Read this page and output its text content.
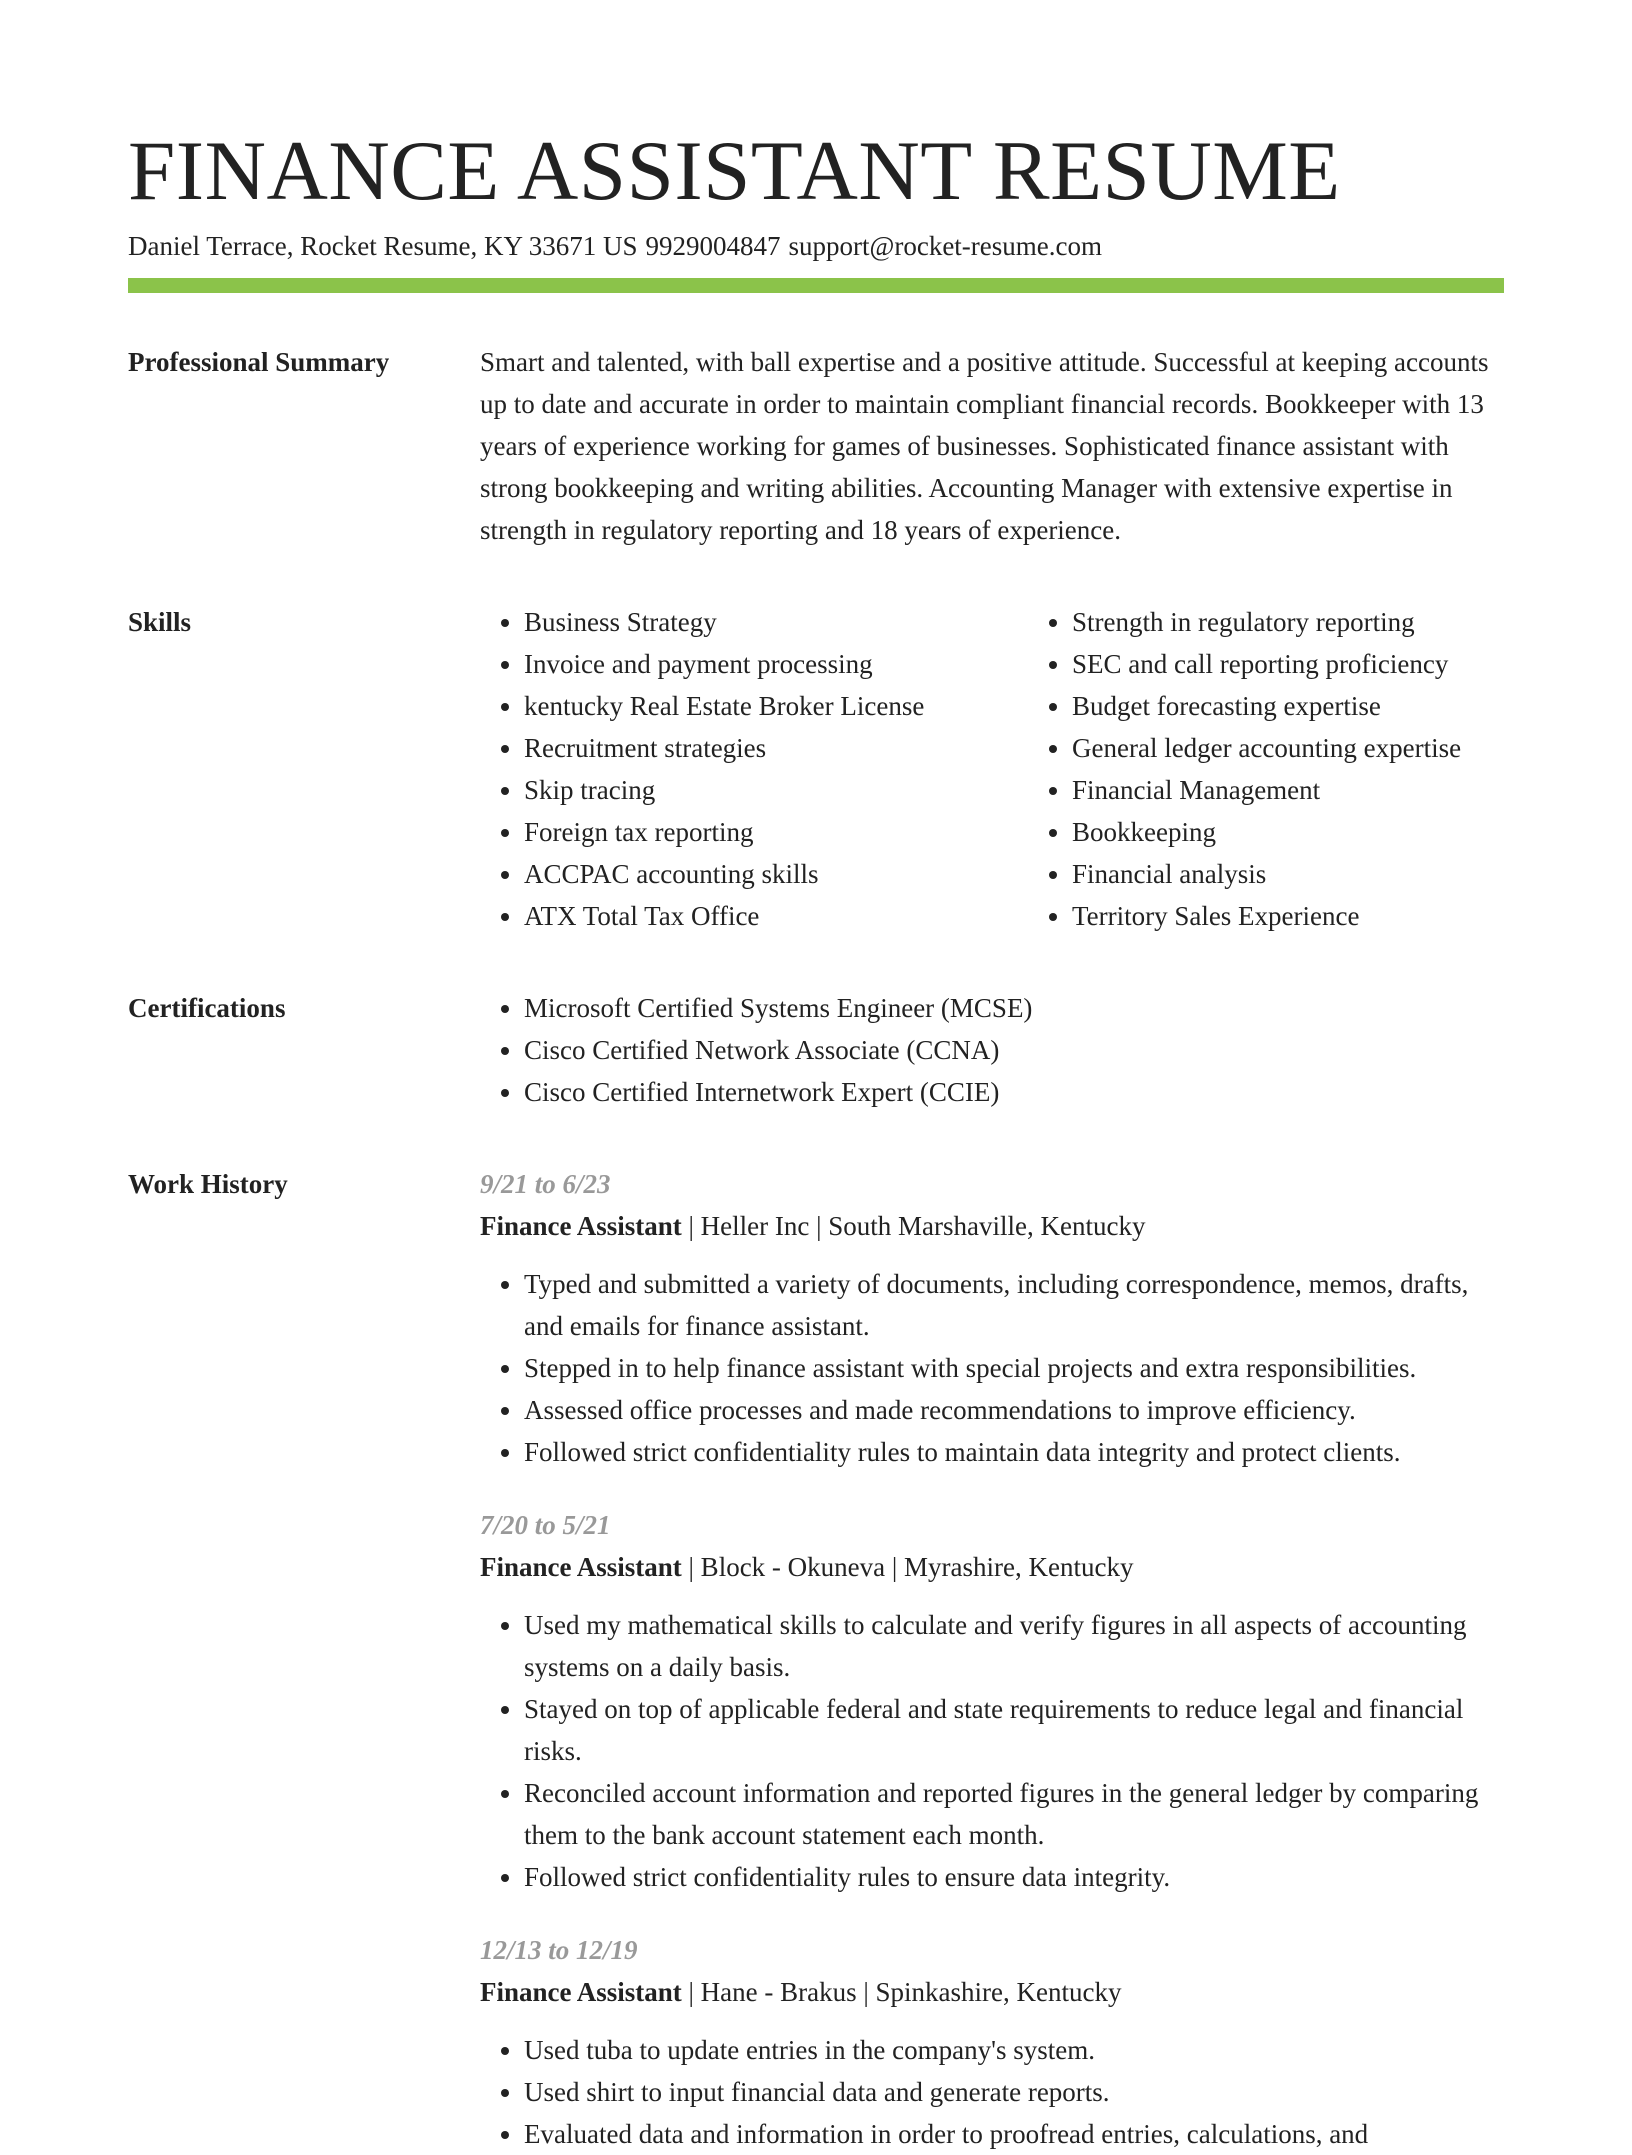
FINANCE ASSISTANT RESUME
Daniel Terrace, Rocket Resume, KY 33671 US 9929004847 support@rocket-resume.com
Professional Summary	Smart and talented, with ball expertise and a positive attitude. Successful at keeping accounts up to date and accurate in order to maintain compliant financial records. Bookkeeper with 13 years of experience working for games of businesses. Sophisticated finance assistant with strong bookkeeping and writing abilities. Accounting Manager with extensive expertise in strength in regulatory reporting and 18 years of experience.

Skills	• Business Strategy
• Invoice and payment processing
• kentucky Real Estate Broker License
• Recruitment strategies
• Skip tracing
• Foreign tax reporting
• ACCPAC accounting skills
• ATX Total Tax Office
• Strength in regulatory reporting
• SEC and call reporting proficiency
• Budget forecasting expertise
• General ledger accounting expertise
• Financial Management
• Bookkeeping
• Financial analysis
• Territory Sales Experience
Certifications	• Microsoft Certified Systems Engineer (MCSE)
• Cisco Certified Network Associate (CCNA)
• Cisco Certified Internetwork Expert (CCIE)
Work History	9/21 to 6/23
Finance Assistant | Heller Inc | South Marshaville, Kentucky
• Typed and submitted a variety of documents, including correspondence, memos, drafts, and emails for finance assistant.
• Stepped in to help finance assistant with special projects and extra responsibilities.
• Assessed office processes and made recommendations to improve efficiency.
• Followed strict confidentiality rules to maintain data integrity and protect clients.
7/20 to 5/21
Finance Assistant | Block - Okuneva | Myrashire, Kentucky
• Used my mathematical skills to calculate and verify figures in all aspects of accounting systems on a daily basis.
• Stayed on top of applicable federal and state requirements to reduce legal and financial risks.
• Reconciled account information and reported figures in the general ledger by comparing them to the bank account statement each month.
• Followed strict confidentiality rules to ensure data integrity.
12/13 to 12/19
Finance Assistant | Hane - Brakus | Spinkashire, Kentucky
• Used tuba to update entries in the company's system.
• Used shirt to input financial data and generate reports.
• Evaluated data and information in order to proofread entries, calculations, and
